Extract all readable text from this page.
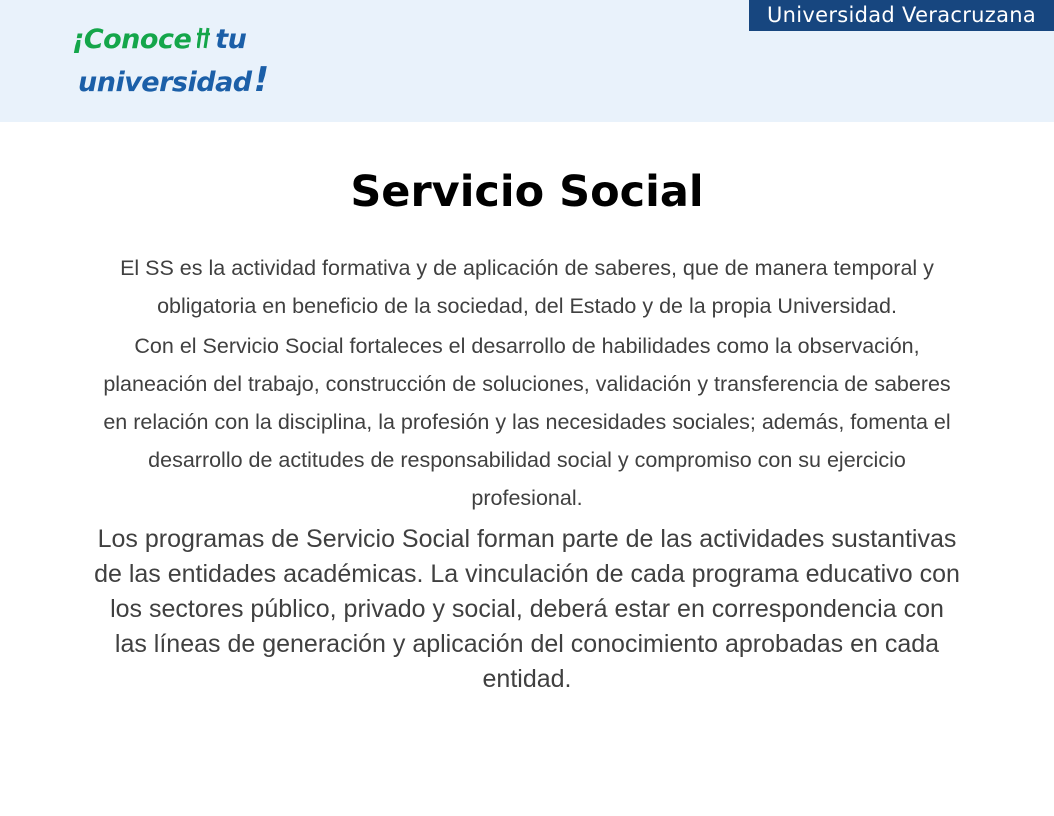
¡Conoce tu
universidad!
Universidad Veracruzana
Servicio Social

El SS es la actividad formativa y de aplicación de saberes, que de manera temporal y obligatoria en beneficio de la sociedad, del Estado y de la propia Universidad.

Con el Servicio Social fortaleces el desarrollo de habilidades como la observación, planeación del trabajo, construcción de soluciones, validación y transferencia de saberes en relación con la disciplina, la profesión y las necesidades sociales; además, fomenta el desarrollo de actitudes de responsabilidad social y compromiso con su ejercicio profesional.

Los programas de Servicio Social forman parte de las actividades sustantivas de las entidades académicas. La vinculación de cada programa educativo con los sectores público, privado y social, deberá estar en correspondencia con las líneas de generación y aplicación del conocimiento aprobadas en cada entidad.
